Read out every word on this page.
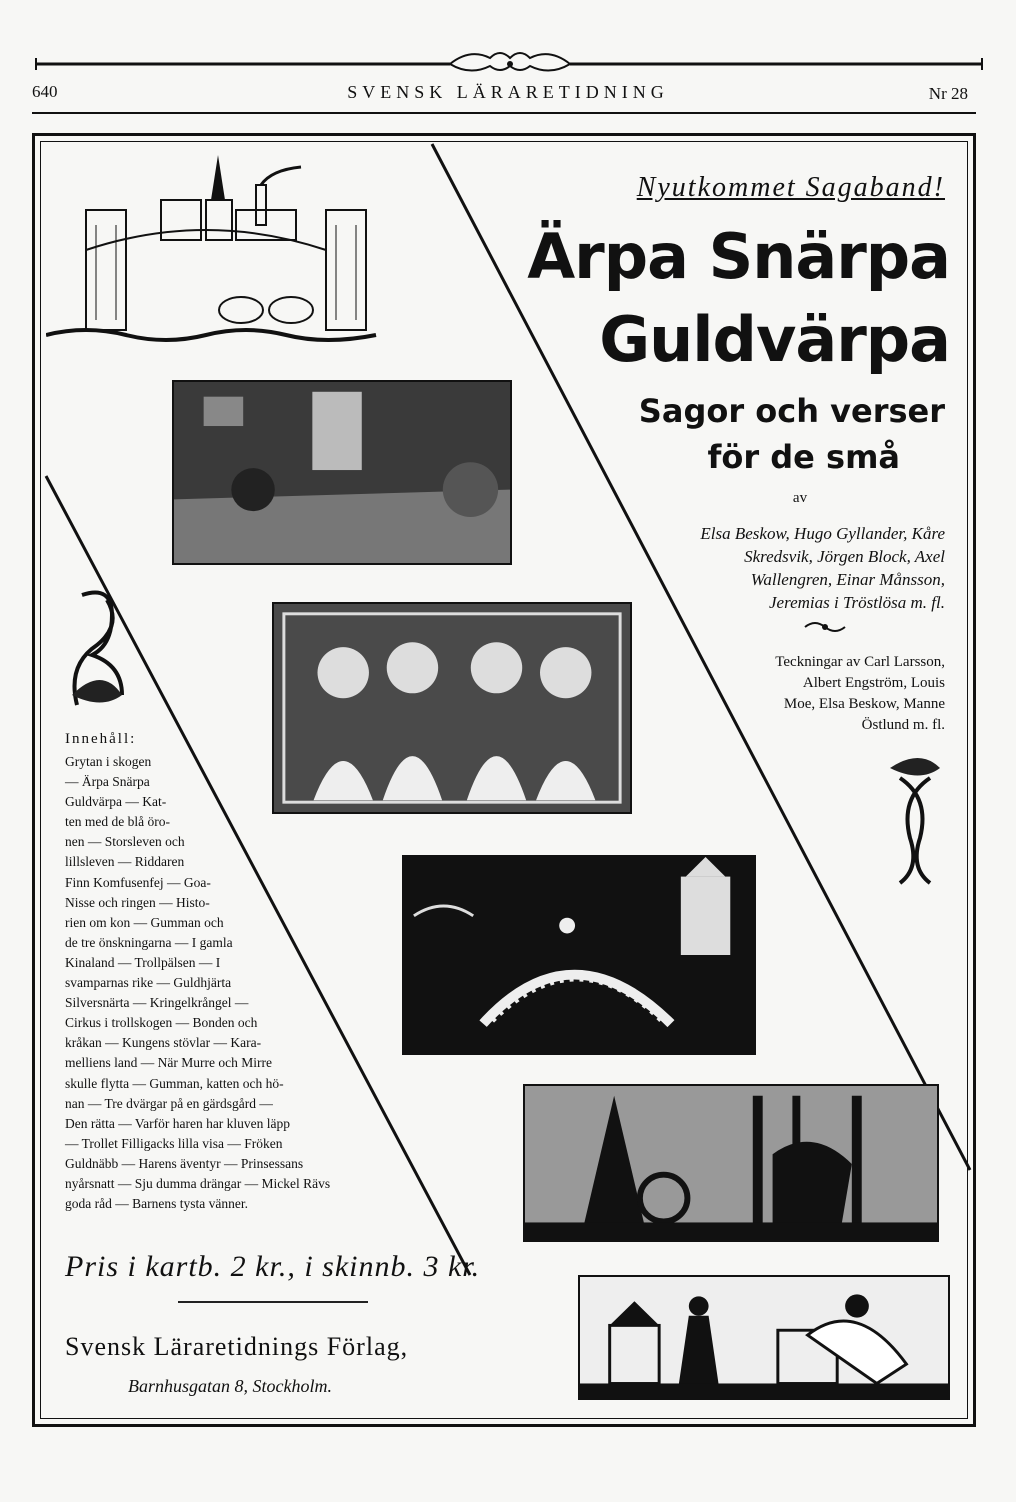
640	SVENSK LÄRARETIDNING	Nr 28
Nyutkommet Sagaband!
Ärpa Snärpa
Guldvärpa
Sagor och verser
för de små
av
Elsa Beskow, Hugo Gyllander, Kåre
Skredsvik, Jörgen Block, Axel
Wallengren, Einar Månsson,
Jeremias i Tröstlösa m. fl.
Teckningar av Carl Larsson,
Albert Engström, Louis
Moe, Elsa Beskow, Manne
Östlund m. fl.
Innehåll:
Grytan i skogen
— Ärpa Snärpa
Guldvärpa — Kat-
ten med de blå öro-
nen — Storsleven och
lillsleven — Riddaren
Finn Komfusenfej — Goa-
Nisse och ringen — Histo-
rien om kon — Gumman och
de tre önskningarna — I gamla
Kinaland — Trollpälsen — I
svamparnas rike — Guldhjärta
Silversnärta — Kringelkrångel —
Cirkus i trollskogen — Bonden och
kråkan — Kungens stövlar — Kara-
melliens land — När Murre och Mirre
skulle flytta — Gumman, katten och hö-
nan — Tre dvärgar på en gärdsgård —
Den rätta — Varför haren har kluven läpp
— Trollet Filligacks lilla visa — Fröken
Guldnäbb — Harens äventyr — Prinsessans
nyårsnatt — Sju dumma drängar — Mickel Rävs
goda råd — Barnens tysta vänner.
Pris i kartb. 2 kr., i skinnb. 3 kr.
Svensk Läraretidnings Förlag,
Barnhusgatan 8, Stockholm.
